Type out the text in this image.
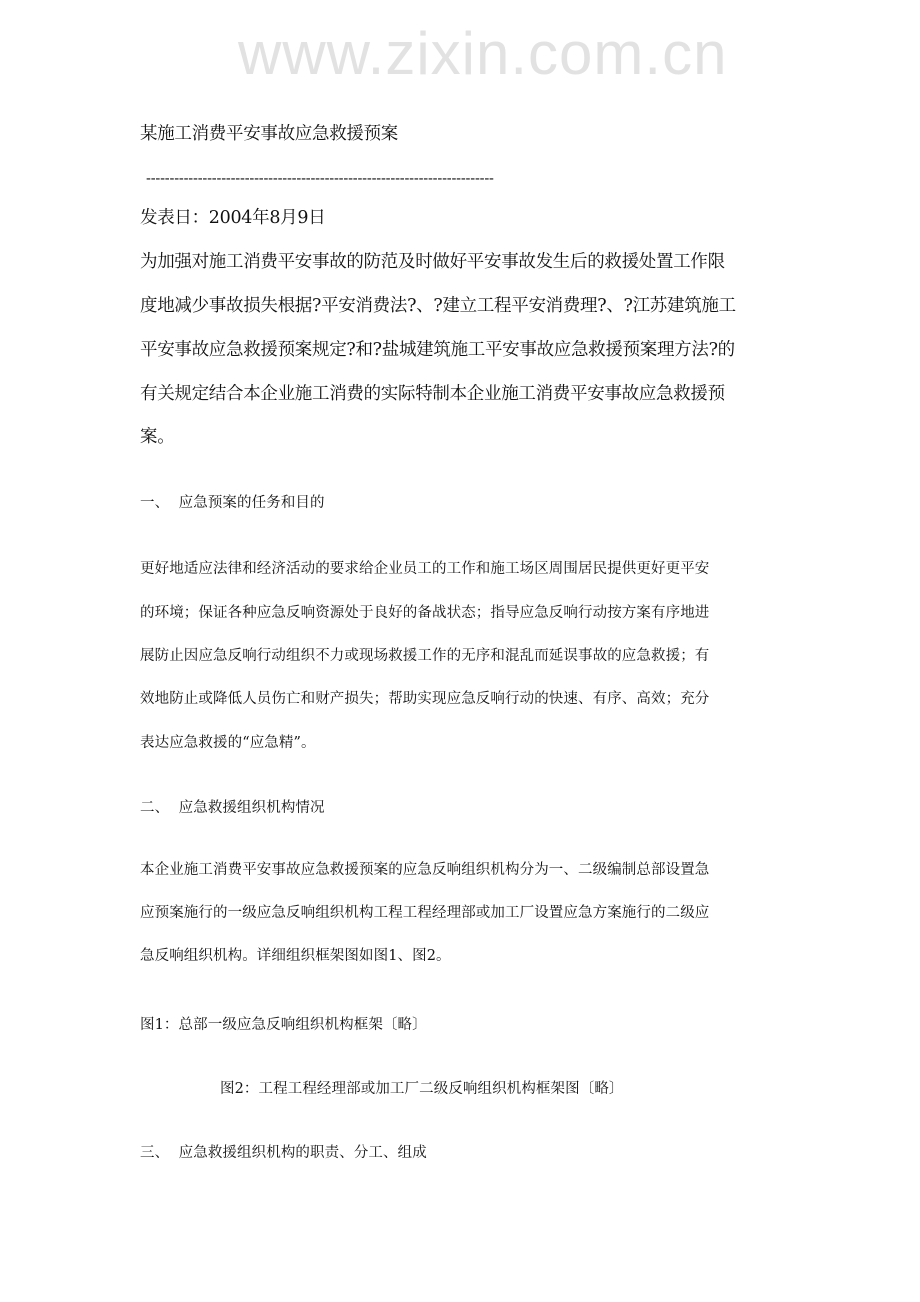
www.zixin.com.cn
某施工消费平安事故应急救援预案
--------------------------------------------------------------------------
发表日：2004年8月9日
为加强对施工消费平安事故的防范及时做好平安事故发生后的救援处置工作限
度地减少事故损失根据?平安消费法?、?建立工程平安消费理?、?江苏建筑施工
平安事故应急救援预案规定?和?盐城建筑施工平安事故应急救援预案理方法?的
有关规定结合本企业施工消费的实际特制本企业施工消费平安事故应急救援预
案。
一、  应急预案的任务和目的
更好地适应法律和经济活动的要求给企业员工的工作和施工场区周围居民提供更好更平安
的环境；保证各种应急反响资源处于良好的备战状态；指导应急反响行动按方案有序地进
展防止因应急反响行动组织不力或现场救援工作的无序和混乱而延误事故的应急救援；有
效地防止或降低人员伤亡和财产损失；帮助实现应急反响行动的快速、有序、高效；充分
表达应急救援的“应急精”。
二、  应急救援组织机构情况
本企业施工消费平安事故应急救援预案的应急反响组织机构分为一、二级编制总部设置急
应预案施行的一级应急反响组织机构工程工程经理部或加工厂设置应急方案施行的二级应
急反响组织机构。详细组织框架图如图1、图2。
图1：总部一级应急反响组织机构框架〔略〕
图2：工程工程经理部或加工厂二级反响组织机构框架图〔略〕
三、  应急救援组织机构的职责、分工、组成
